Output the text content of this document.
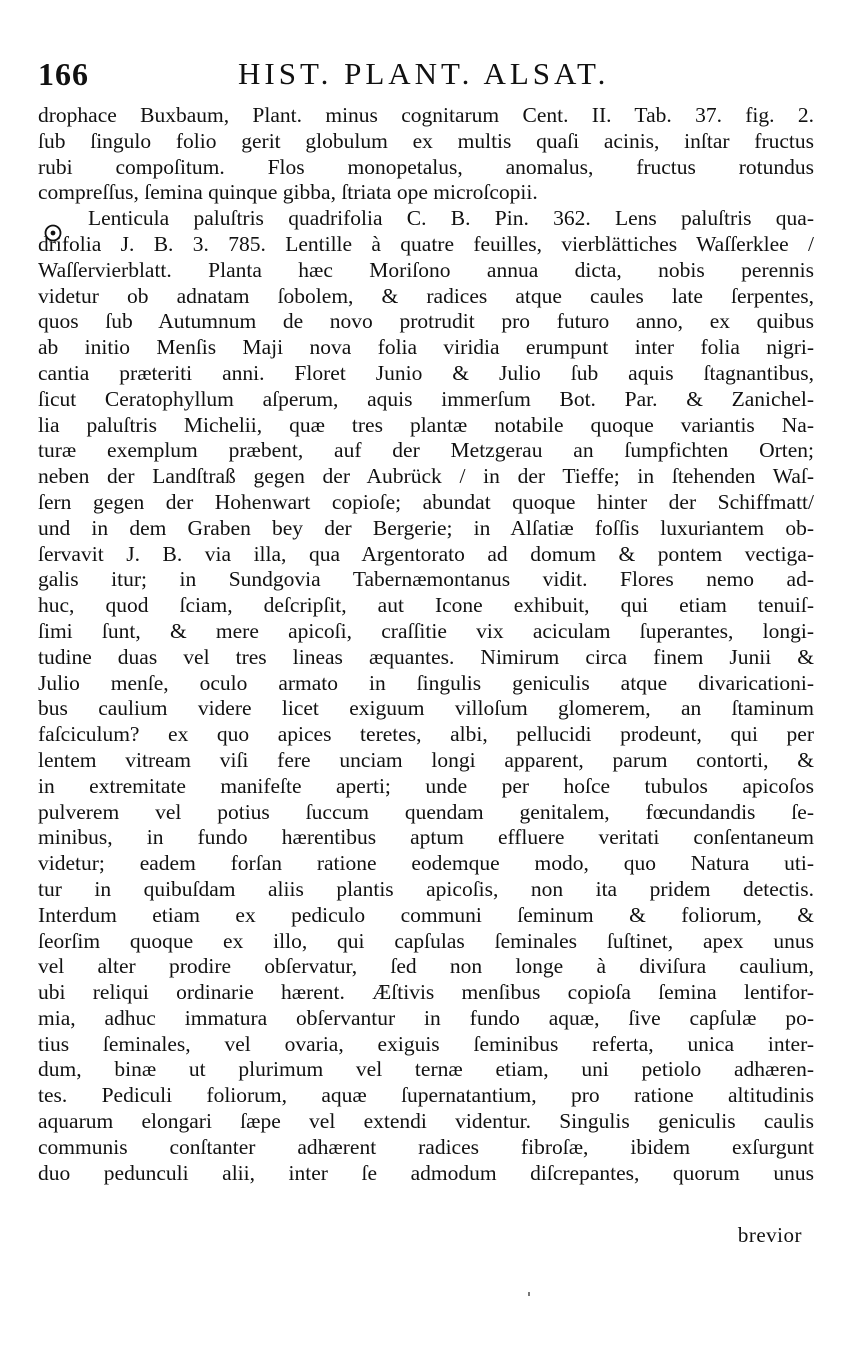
166	HIST. PLANT. ALSAT.
drophace Buxbaum, Plant. minus cognitarum Cent. II. Tab. 37. fig. 2.
ſub ſingulo folio gerit globulum ex multis quaſi acinis, inſtar fructus
rubi compoſitum. Flos monopetalus, anomalus, fructus rotundus
compreſſus, ſemina quinque gibba, ſtriata ope microſcopii.
Lenticula paluſtris quadrifolia C. B. Pin. 362. Lens paluſtris qua-
drifolia J. B. 3. 785. Lentille à quatre feuilles, vierblättiches Waſſerklee /
Waſſervierblatt. Planta hæc Moriſono annua dicta, nobis perennis
videtur ob adnatam ſobolem, & radices atque caules late ſerpentes,
quos ſub Autumnum de novo protrudit pro futuro anno, ex quibus
ab initio Menſis Maji nova folia viridia erumpunt inter folia nigri-
cantia præteriti anni. Floret Junio & Julio ſub aquis ſtagnantibus,
ſicut Ceratophyllum aſperum, aquis immerſum Bot. Par. & Zanichel-
lia paluſtris Michelii, quæ tres plantæ notabile quoque variantis Na-
turæ exemplum præbent, auf der Metzgerau an ſumpfichten Orten;
neben der Landſtraß gegen der Aubrück / in der Tieffe; in ſtehenden Waſ-
ſern gegen der Hohenwart copioſe; abundat quoque hinter der Schiffmatt/
und in dem Graben bey der Bergerie; in Alſatiæ foſſis luxuriantem ob-
ſervavit J. B. via illa, qua Argentorato ad domum & pontem vectiga-
galis itur; in Sundgovia Tabernæmontanus vidit. Flores nemo ad-
huc, quod ſciam, deſcripſit, aut Icone exhibuit, qui etiam tenuiſ-
ſimi ſunt, & mere apicoſi, craſſitie vix aciculam ſuperantes, longi-
tudine duas vel tres lineas æquantes. Nimirum circa finem Junii &
Julio menſe, oculo armato in ſingulis geniculis atque divaricationi-
bus caulium videre licet exiguum villoſum glomerem, an ſtaminum
faſciculum? ex quo apices teretes, albi, pellucidi prodeunt, qui per
lentem vitream viſi fere unciam longi apparent, parum contorti, &
in extremitate manifeſte aperti; unde per hoſce tubulos apicoſos
pulverem vel potius ſuccum quendam genitalem, fœcundandis ſe-
minibus, in fundo hærentibus aptum effluere veritati conſentaneum
videtur; eadem forſan ratione eodemque modo, quo Natura uti-
tur in quibuſdam aliis plantis apicoſis, non ita pridem detectis.
Interdum etiam ex pediculo communi ſeminum & foliorum, &
ſeorſim quoque ex illo, qui capſulas ſeminales ſuſtinet, apex unus
vel alter prodire obſervatur, ſed non longe à diviſura caulium,
ubi reliqui ordinarie hærent. Æſtivis menſibus copioſa ſemina lentifor-
mia, adhuc immatura obſervantur in fundo aquæ, ſive capſulæ po-
tius ſeminales, vel ovaria, exiguis ſeminibus referta, unica inter-
dum, binæ ut plurimum vel ternæ etiam, uni petiolo adhæren-
tes. Pediculi foliorum, aquæ ſupernatantium, pro ratione altitudinis
aquarum elongari ſæpe vel extendi videntur. Singulis geniculis caulis
communis conſtanter adhærent radices fibroſæ, ibidem exſurgunt
duo pedunculi alii, inter ſe admodum diſcrepantes, quorum unus
brevior
